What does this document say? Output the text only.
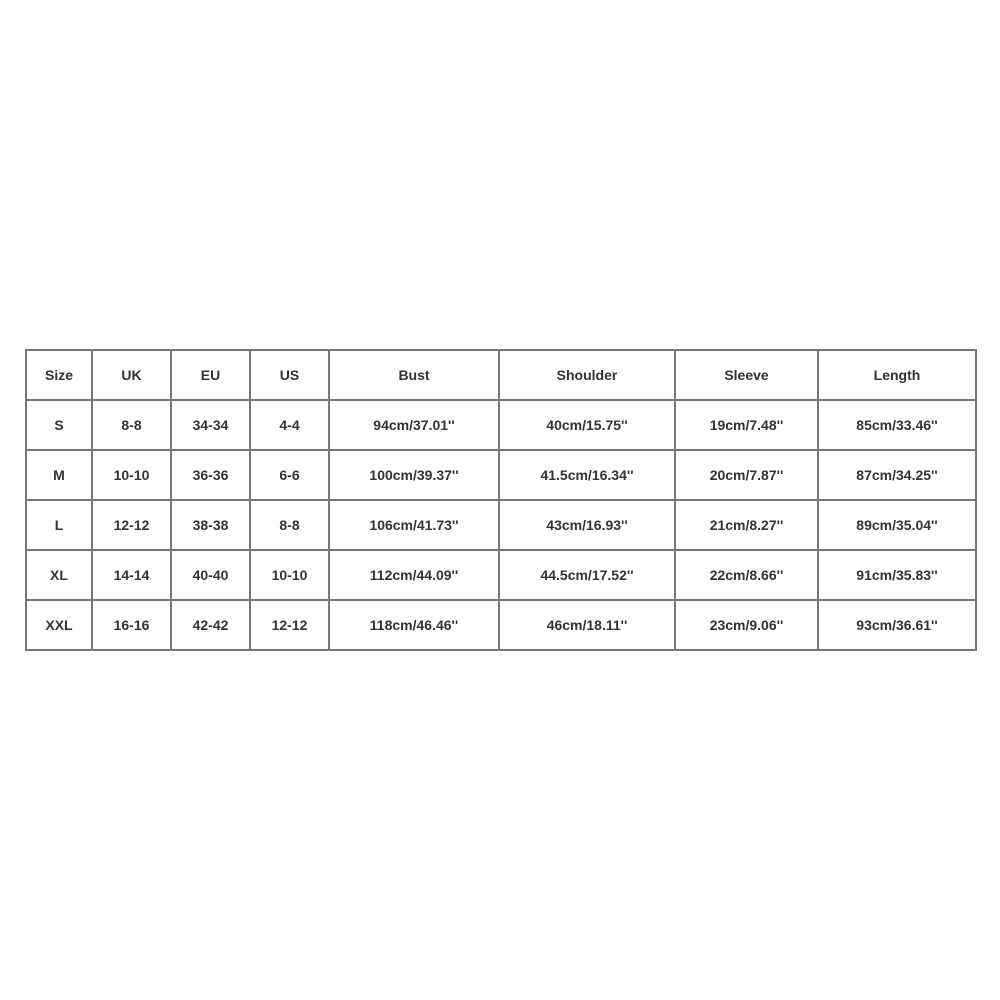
Size	UK	EU	US	Bust	Shoulder	Sleeve	Length
S	8-8	34-34	4-4	94cm/37.01''	40cm/15.75''	19cm/7.48''	85cm/33.46''
M	10-10	36-36	6-6	100cm/39.37''	41.5cm/16.34''	20cm/7.87''	87cm/34.25''
L	12-12	38-38	8-8	106cm/41.73''	43cm/16.93''	21cm/8.27''	89cm/35.04''
XL	14-14	40-40	10-10	112cm/44.09''	44.5cm/17.52''	22cm/8.66''	91cm/35.83''
XXL	16-16	42-42	12-12	118cm/46.46''	46cm/18.11''	23cm/9.06''	93cm/36.61''
